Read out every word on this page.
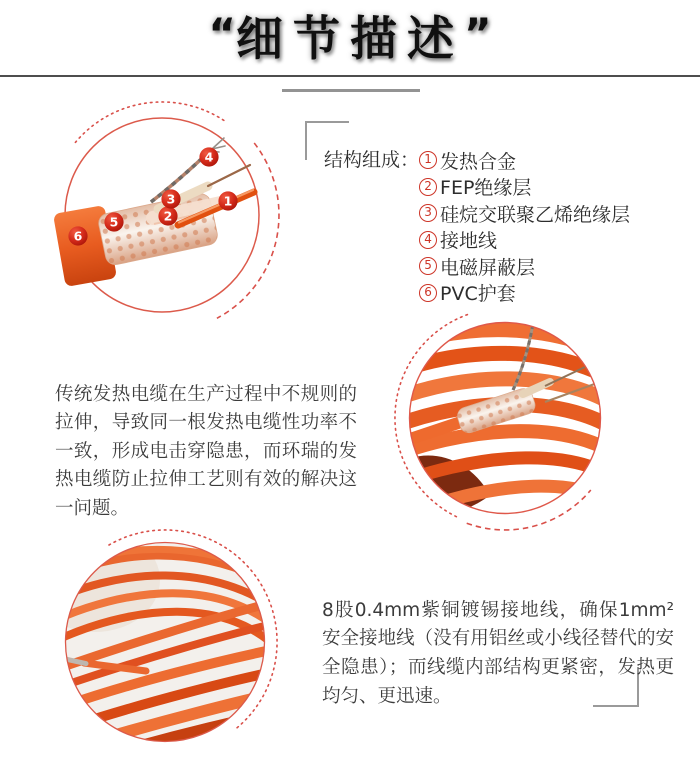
“细节描述”
1
2
3
4
5
6
结构组成： 1 发热合金
2 FEP绝缘层
3 硅烷交联聚乙烯绝缘层
4 接地线
5 电磁屏蔽层
6 PVC护套

传统发热电缆在生产过程中不规则的拉伸，导致同一根发热电缆性功率不一致，形成电击穿隐患，而环瑞的发热电缆防止拉伸工艺则有效的解决这一问题。

8股0.4mm紫铜镀锡接地线，确保1mm²安全接地线（没有用铝丝或小线径替代的安全隐患）；而线缆内部结构更紧密，发热更均匀、更迅速。
